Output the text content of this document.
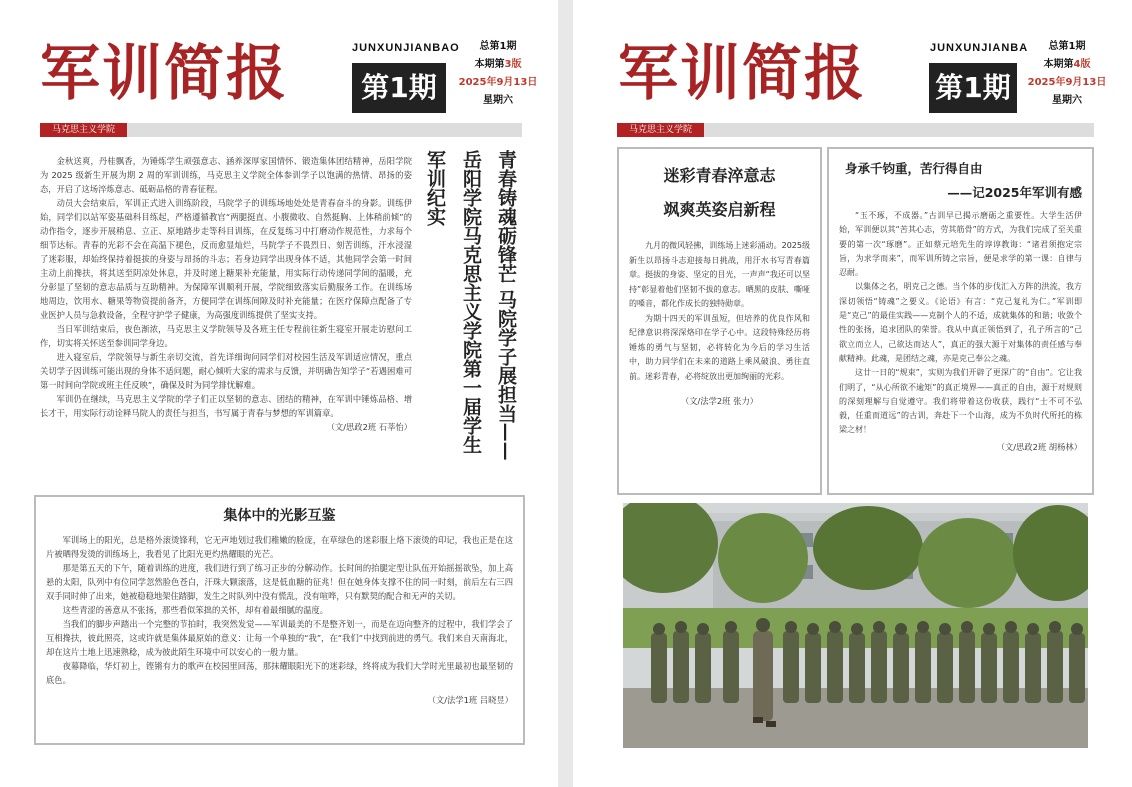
军训简报	JUNXUNJIANBAO
第1期
总第1期
本期第3版
2025年9月13日
星期六
马克思主义学院
青春铸魂砺锋芒 马院学子展担当——
岳阳学院马克思主义学院第一届学生
军训纪实

金秋送爽，丹桂飘香，为锤炼学生顽强意志、涵养深厚家国情怀、锻造集体团结精神，岳阳学院为 2025 级新生开展为期 2 周的军训训练，马克思主义学院全体参训学子以饱满的热情、昂扬的姿态，开启了这场淬炼意志、砥砺品格的青春征程。

动员大会结束后，军训正式进入训练阶段，马院学子的训练场地处处是青春奋斗的身影。训练伊始，同学们以站军姿基础科目练起，严格遵循教官“两腿挺直、小腹微收、自然挺胸、上体稍前倾”的动作指令，逐步开展稍息、立正、原地踏步走等科目训练，在反复练习中打磨动作规范性，力求每个细节达标。青春的光彩不会在高温下褪色，反而愈显灿烂，马院学子不畏烈日、刻苦训练，汗水浸湿了迷彩服，却始终保持着挺拔的身姿与昂扬的斗志；若身边同学出现身体不适，其他同学会第一时间主动上前搀扶，将其送至阴凉处休息，并及时递上糖果补充能量，用实际行动传递同学间的温暖，充分彰显了坚韧的意志品质与互助精神。为保障军训顺利开展，学院细致落实后勤服务工作。在训练场地周边，饮用水、糖果等物资提前备齐，方便同学在训练间隙及时补充能量；在医疗保障点配备了专业医护人员与急救设备，全程守护学子健康，为高强度训练提供了坚实支持。

当日军训结束后，夜色渐浓，马克思主义学院领导及各班主任专程前往新生寝室开展走访慰问工作，切实将关怀送至参训同学身边。

进入寝室后，学院领导与新生亲切交流，首先详细询问同学们对校园生活及军训适应情况，重点关切学子因训练可能出现的身体不适问题，耐心倾听大家的需求与反馈，并明确告知学子“若遇困难可第一时间向学院或班主任反映”，确保及时为同学排忧解难。

军训仍在继续，马克思主义学院的学子们正以坚韧的意志、团结的精神，在军训中锤炼品格、增长才干，用实际行动诠释马院人的责任与担当，书写属于青春与梦想的军训篇章。

（文/思政2班 石莘怡）
集体中的光影互鉴

军训场上的阳光，总是格外滚烫锋利，它无声地划过我们稚嫩的脸庞，在草绿色的迷彩服上烙下滚烫的印记，我也正是在这片被晒得发烫的训练场上，我看见了比阳光更灼热耀眼的光芒。

那是第五天的下午，随着训练的进度，我们进行到了练习正步的分解动作。长时间的抬腿定型让队伍开始摇摇欲坠，加上高悬的太阳，队列中有位同学忽然脸色苍白，汗珠大颗滚落，这是低血糖的征兆！但在她身体支撑不住的同一时刻，前后左右三四双手同时伸了出来，她被稳稳地架住踏脚，发生之时队列中没有慌乱，没有喧哗，只有默契的配合和无声的关切。

这些青涩的善意从不张扬，那些看似笨拙的关怀，却有着最细腻的温度。

当我们的脚步声踏出一个完整的节拍时，我突然发觉——军训最美的不是整齐划一，而是在迈向整齐的过程中，我们学会了互相搀扶，彼此照亮，这或许就是集体最原始的意义：让每一个单独的“我”，在“我们”中找到前进的勇气。我们来自天南海北，却在这片土地上迅速熟稔，成为彼此陌生环境中可以安心的一般力量。

夜幕降临，华灯初上，铿锵有力的歌声在校园里回荡，那抹耀眼阳光下的迷彩绿，终将成为我们大学时光里最初也最坚韧的底色。

（文/法学1班 吕晓昱）
军训简报	JUNXUNJIANBA
第1期
总第1期
本期第4版
2025年9月13日
星期六
马克思主义学院
迷彩青春淬意志
飒爽英姿启新程

九月的微风轻拂，训练场上迷彩涌动。2025级新生以昂扬斗志迎接每日挑战，用汗水书写青春篇章。挺拔的身姿、坚定的目光，一声声“我还可以坚持”彰显着他们坚韧不拔的意志。晒黑的皮肤、嘶哑的嗓音，都化作成长的独特勋章。

为期十四天的军训虽短，但培养的优良作风和纪律意识将深深烙印在学子心中。这段特殊经历将锤炼的勇气与坚韧，必将转化为今后的学习生活中，助力同学们在未来的道路上乘风破浪、勇往直前。迷彩青春，必将绽放出更加绚丽的光彩。

（文/法学2班 张力）
身承千钧重，苦行得自由
——记2025年军训有感

“玉不琢，不成器。”古训早已揭示磨砺之重要性。大学生活伊始，军训便以其“苦其心志，劳其筋骨”的方式，为我们完成了至关重要的第一次“琢磨”。正如蔡元培先生的谆谆教诲：“诸君须抱定宗旨，为求学而来”，而军训所铸之宗旨，便是求学的第一课：自律与忍耐。

以集体之名，明克己之德。当个体的步伐汇入方阵的洪流，我方深切领悟“铸魂”之要义。《论语》有言：“克己复礼为仁。”军训即是“克己”的最佳实践——克制个人的不适，成就集体的和谐；收敛个性的张扬，追求团队的荣誉。我从中真正领悟到了，孔子所言的“己欲立而立人，己欲达而达人”，真正的强大源于对集体的责任感与奉献精神。此魂，是团结之魂，亦是克己奉公之魂。

这廿一日的“规束”，实则为我们开辟了更深广的“自由”。它让我们明了，“从心所欲不逾矩”的真正境界——真正的自由，源于对规则的深刻理解与自觉遵守。我们将带着这份收获，践行“士不可不弘毅，任重而道远”的古训，奔赴下一个山海，成为不负时代所托的栋梁之材！

（文/思政2班 胡杨林）
